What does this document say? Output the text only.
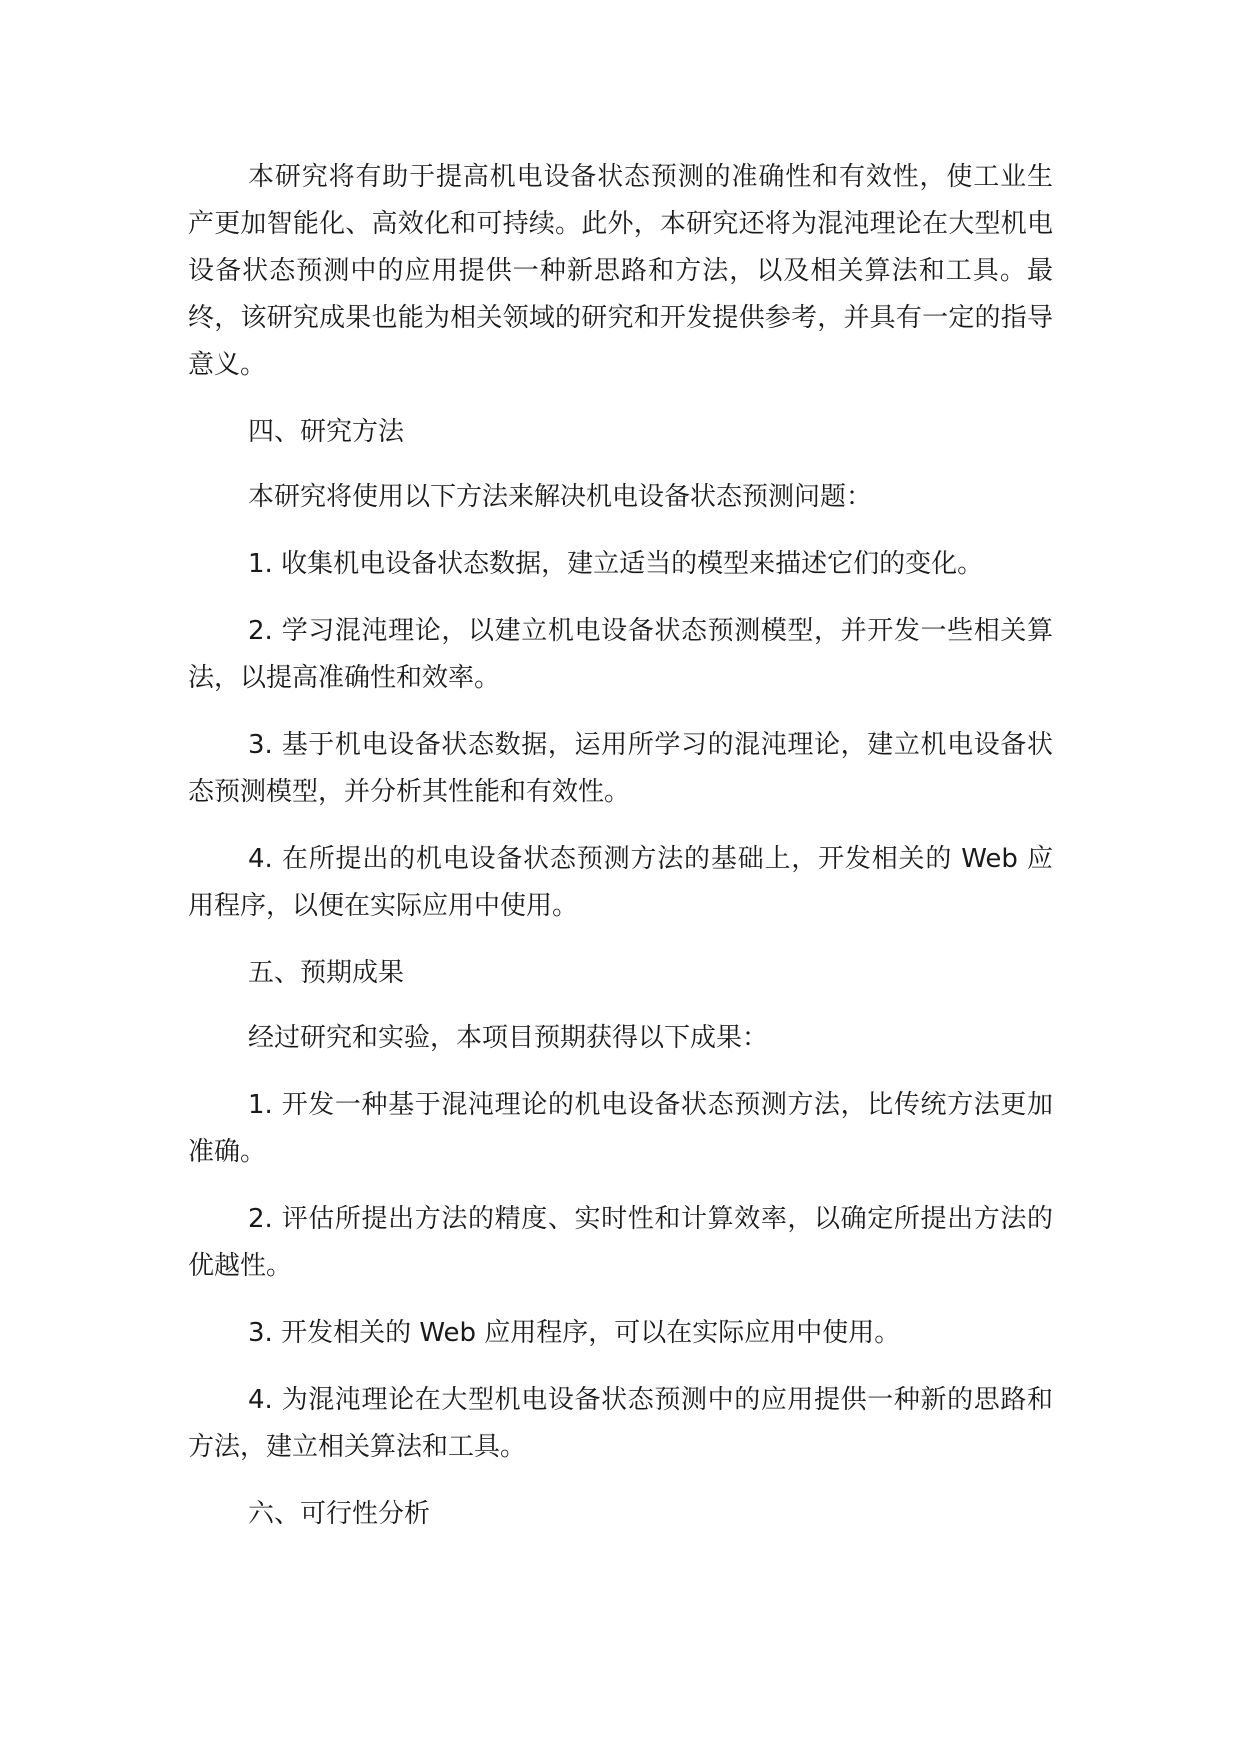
本研究将有助于提高机电设备状态预测的准确性和有效性，使工业生产更加智能化、高效化和可持续。此外，本研究还将为混沌理论在大型机电设备状态预测中的应用提供一种新思路和方法，以及相关算法和工具。最终，该研究成果也能为相关领域的研究和开发提供参考，并具有一定的指导意义。

四、研究方法

本研究将使用以下方法来解决机电设备状态预测问题：

1. 收集机电设备状态数据，建立适当的模型来描述它们的变化。

2. 学习混沌理论，以建立机电设备状态预测模型，并开发一些相关算法，以提高准确性和效率。

3. 基于机电设备状态数据，运用所学习的混沌理论，建立机电设备状态预测模型，并分析其性能和有效性。

4. 在所提出的机电设备状态预测方法的基础上，开发相关的 Web 应用程序，以便在实际应用中使用。

五、预期成果

经过研究和实验，本项目预期获得以下成果：

1. 开发一种基于混沌理论的机电设备状态预测方法，比传统方法更加准确。

2. 评估所提出方法的精度、实时性和计算效率，以确定所提出方法的优越性。

3. 开发相关的 Web 应用程序，可以在实际应用中使用。

4. 为混沌理论在大型机电设备状态预测中的应用提供一种新的思路和方法，建立相关算法和工具。

六、可行性分析
